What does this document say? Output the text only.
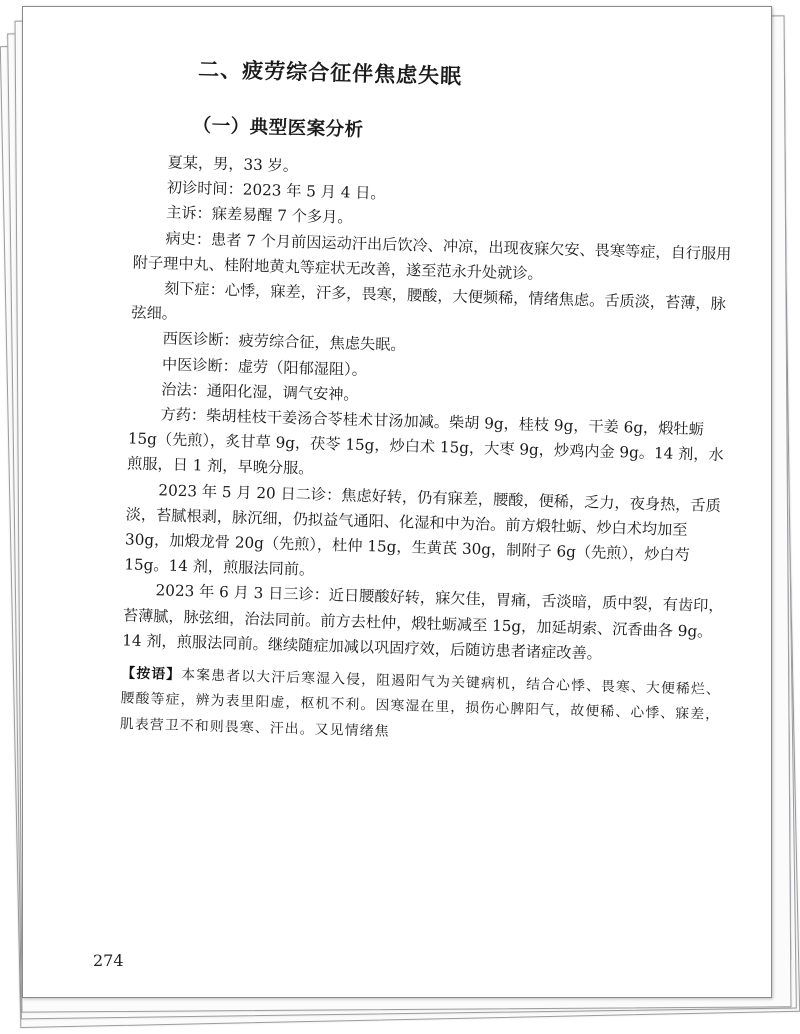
二、疲劳综合征伴焦虑失眠
（一）典型医案分析
夏某，男，33 岁。
初诊时间：2023 年 5 月 4 日。
主诉：寐差易醒 7 个多月。
病史：患者 7 个月前因运动汗出后饮冷、冲凉，出现夜寐欠安、畏寒等症，自行服用附子理中丸、桂附地黄丸等症状无改善，遂至范永升处就诊。
刻下症：心悸，寐差，汗多，畏寒，腰酸，大便频稀，情绪焦虑。舌质淡，苔薄，脉弦细。
西医诊断：疲劳综合征，焦虑失眠。
中医诊断：虚劳（阳郁湿阻）。
治法：通阳化湿，调气安神。
方药：柴胡桂枝干姜汤合苓桂术甘汤加减。柴胡 9g，桂枝 9g，干姜 6g，煅牡蛎 15g（先煎），炙甘草 9g，茯苓 15g，炒白术 15g，大枣 9g，炒鸡内金 9g。14 剂，水煎服，日 1 剂，早晚分服。
2023 年 5 月 20 日二诊：焦虑好转，仍有寐差，腰酸，便稀，乏力，夜身热，舌质淡，苔腻根剥，脉沉细，仍拟益气通阳、化湿和中为治。前方煅牡蛎、炒白术均加至 30g，加煅龙骨 20g（先煎），杜仲 15g，生黄芪 30g，制附子 6g（先煎），炒白芍 15g。14 剂，煎服法同前。
2023 年 6 月 3 日三诊：近日腰酸好转，寐欠佳，胃痛，舌淡暗，质中裂，有齿印，苔薄腻，脉弦细，治法同前。前方去杜仲，煅牡蛎减至 15g，加延胡索、沉香曲各 9g。14 剂，煎服法同前。继续随症加减以巩固疗效，后随访患者诸症改善。
【按语】本案患者以大汗后寒湿入侵，阻遏阳气为关键病机，结合心悸、畏寒、大便稀烂、腰酸等症，辨为表里阳虚，枢机不利。因寒湿在里，损伤心脾阳气，故便稀、心悸、寐差，肌表营卫不和则畏寒、汗出。又见情绪焦
274
